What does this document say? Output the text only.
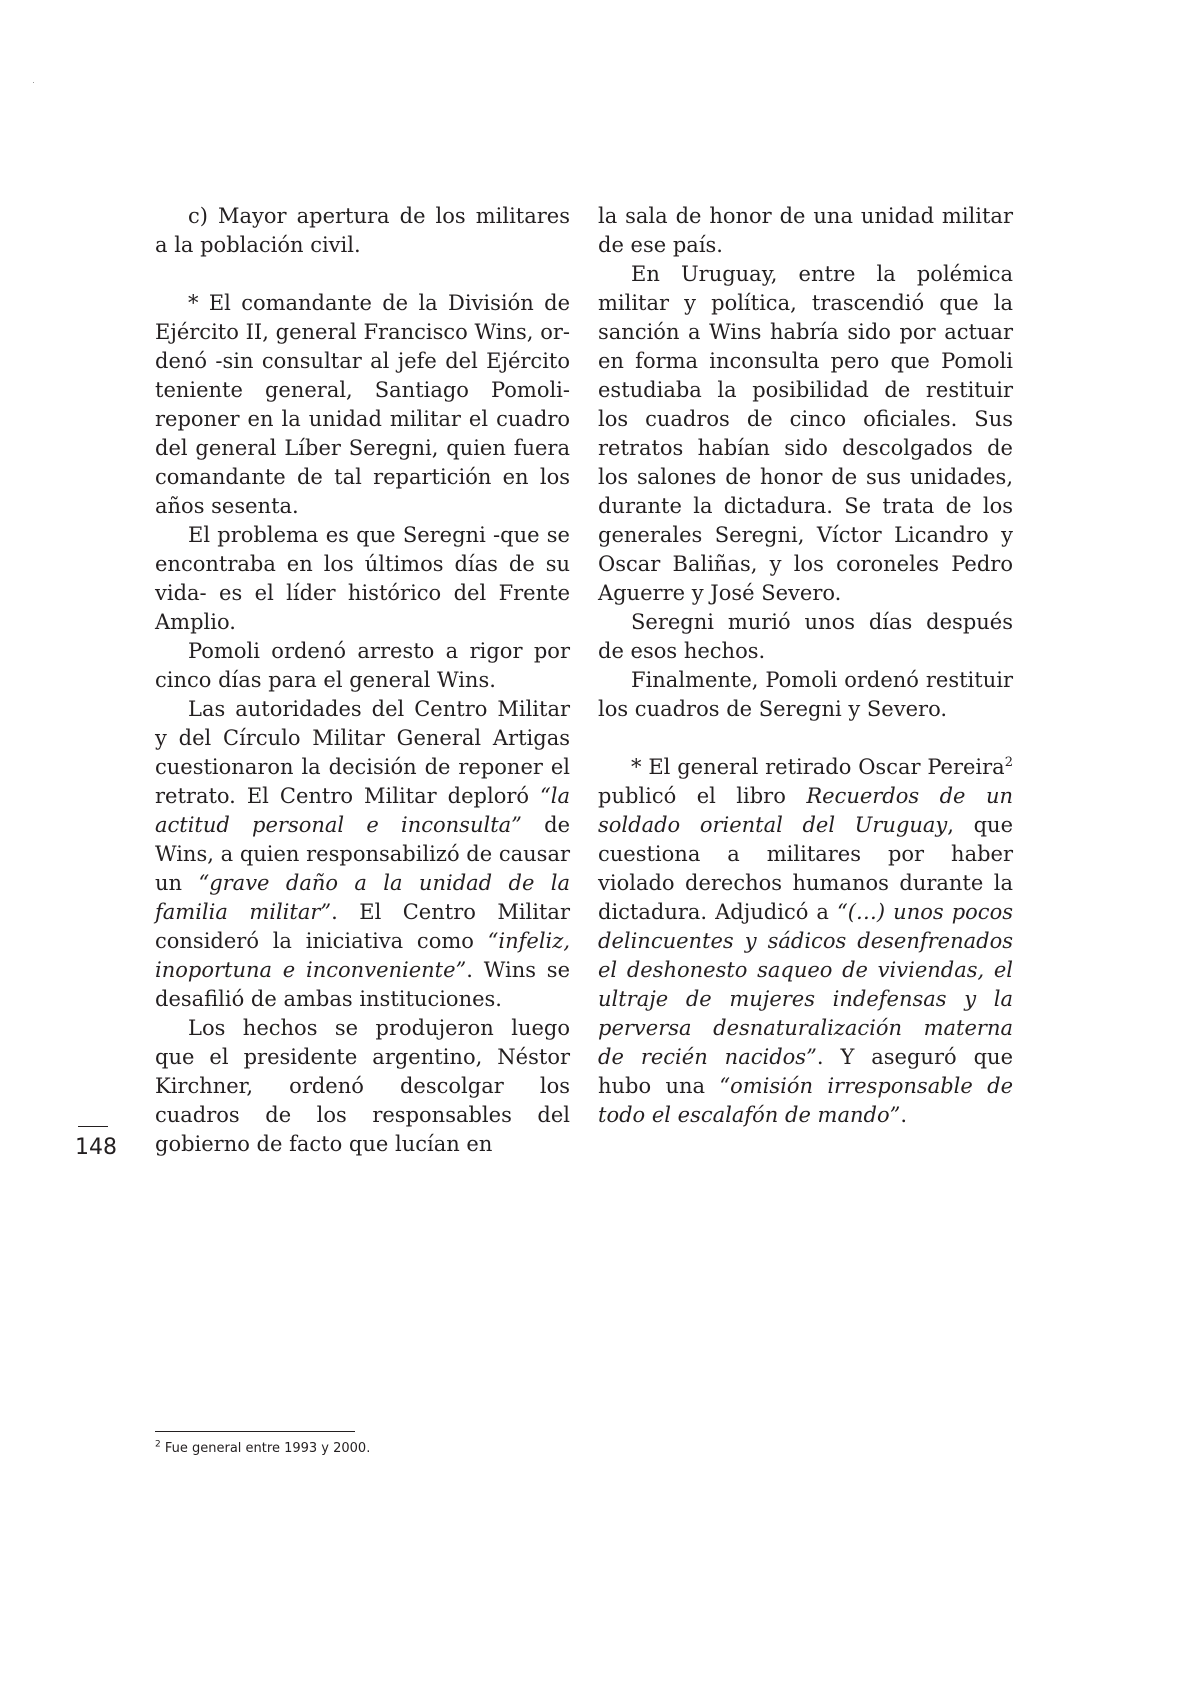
c) Mayor apertura de los militares a la población civil.

* El comandante de la División de Ejército II, general Francisco Wins, ordenó -sin consultar al jefe del Ejército teniente general, Santiago Pomoli- reponer en la unidad militar el cuadro del general Líber Seregni, quien fuera comandante de tal repartición en los años sesenta.

El problema es que Seregni -que se encontraba en los últimos días de su vida- es el líder histórico del Frente Amplio.

Pomoli ordenó arresto a rigor por cinco días para el general Wins.

Las autoridades del Centro Militar y del Círculo Militar General Artigas cuestionaron la decisión de reponer el retrato. El Centro Militar deploró “la actitud personal e inconsulta” de Wins, a quien responsabilizó de causar un “grave daño a la unidad de la familia militar”. El Centro Militar consideró la iniciativa como “infeliz, inoportuna e inconveniente”. Wins se desafilió de ambas instituciones.

Los hechos se produjeron luego que el presidente argentino, Néstor Kirchner, ordenó descolgar los cuadros de los responsables del gobierno de facto que lucían en

la sala de honor de una unidad militar de ese país.

En Uruguay, entre la polémica militar y política, trascendió que la sanción a Wins habría sido por actuar en forma inconsulta pero que Pomoli estudiaba la posibilidad de restituir los cuadros de cinco oficiales. Sus retratos habían sido descolgados de los salones de honor de sus unidades, durante la dictadura. Se trata de los generales Seregni, Víctor Licandro y Oscar Baliñas, y los coroneles Pedro Aguerre y José Severo.

Seregni murió unos días después de esos hechos.

Finalmente, Pomoli ordenó restituir los cuadros de Seregni y Severo.

* El general retirado Oscar Pereira$^2$ publicó el libro Recuerdos de un soldado oriental del Uruguay, que cuestiona a militares por haber violado derechos humanos durante la dictadura. Adjudicó a “(…) unos pocos delincuentes y sádicos desenfrenados el deshonesto saqueo de viviendas, el ultraje de mujeres indefensas y la perversa desnaturalización materna de recién nacidos”. Y aseguró que hubo una “omisión irresponsable de todo el escalafón de mando”.

148
$^2$ Fue general entre 1993 y 2000.
